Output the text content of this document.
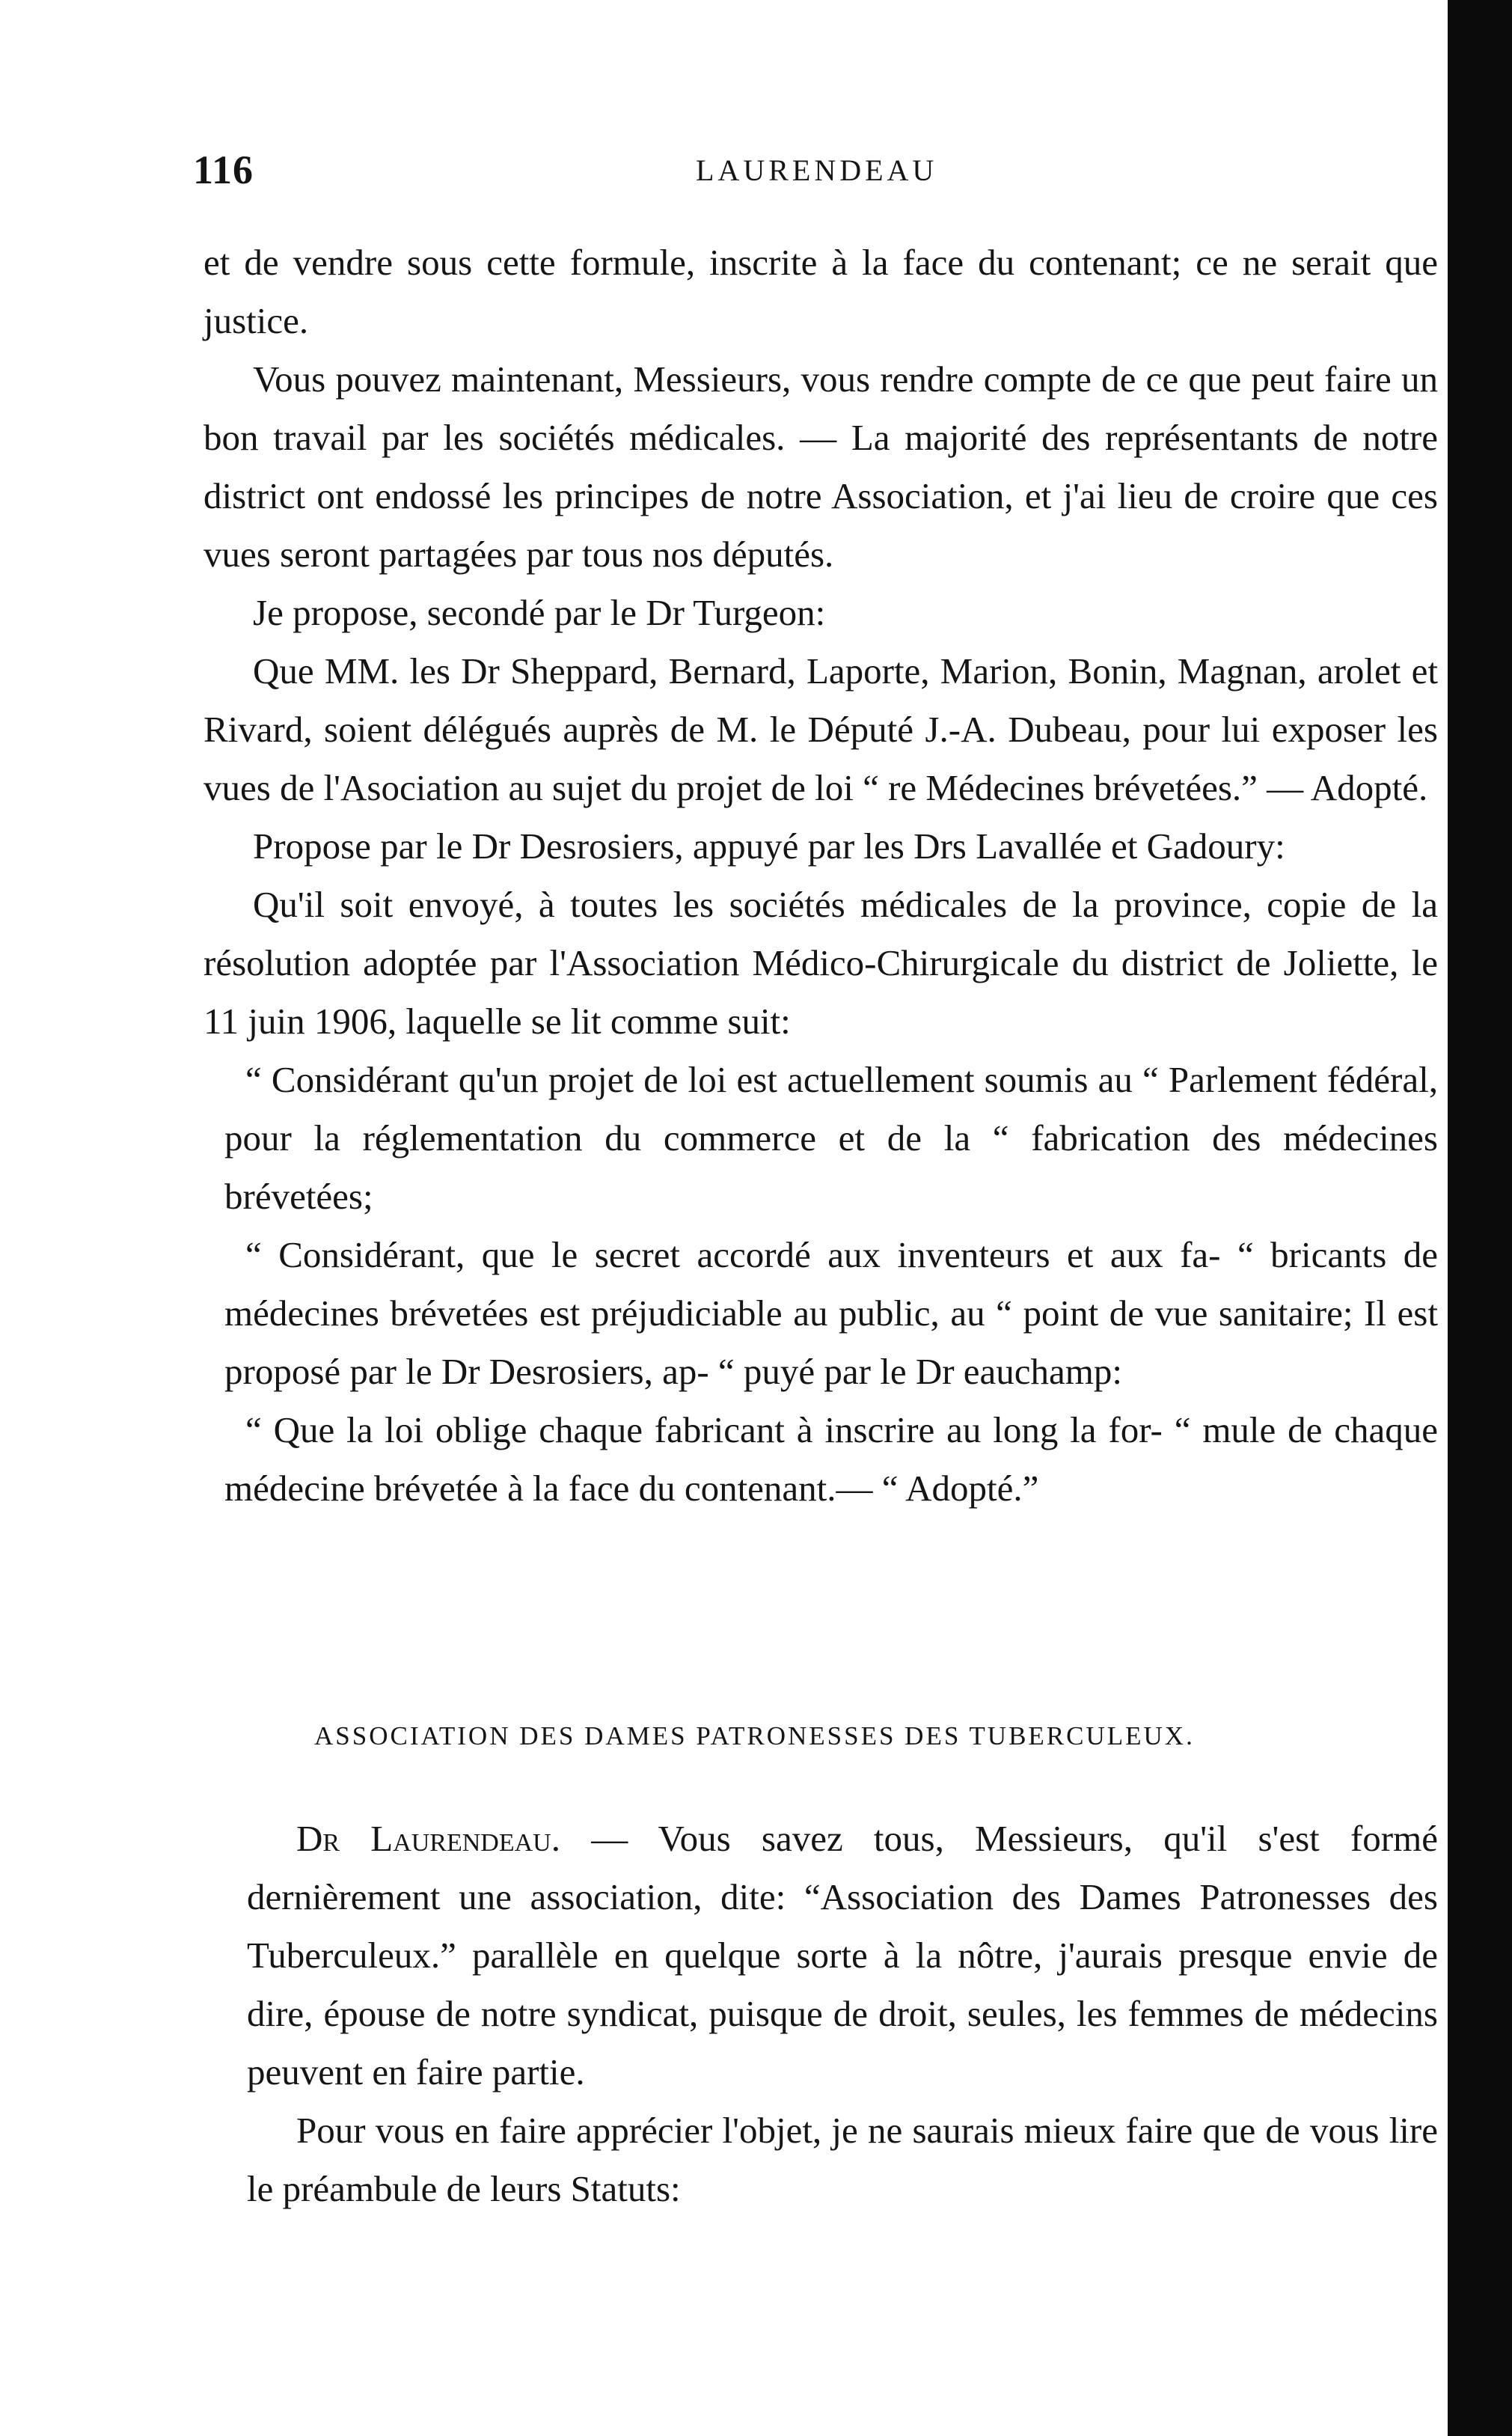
116	LAURENDEAU

et de vendre sous cette formule, inscrite à la face du contenant; ce ne serait que justice.

Vous pouvez maintenant, Messieurs, vous rendre compte de ce que peut faire un bon travail par les sociétés médicales. — La majorité des représentants de notre district ont endossé les principes de notre Association, et j'ai lieu de croire que ces vues seront partagées par tous nos députés.

Je propose, secondé par le Dr Turgeon:

Que MM. les Dr Sheppard, Bernard, Laporte, Marion, Bonin, Magnan, arolet et Rivard, soient délégués auprès de M. le Député J.-A. Dubeau, pour lui exposer les vues de l'Asociation au sujet du projet de loi “ re Médecines brévetées.” — Adopté.

Propose par le Dr Desrosiers, appuyé par les Drs Lavallée et Gadoury:

Qu'il soit envoyé, à toutes les sociétés médicales de la province, copie de la résolution adoptée par l'Association Médico-Chirurgicale du district de Joliette, le 11 juin 1906, laquelle se lit comme suit:

“ Considérant qu'un projet de loi est actuellement soumis au “ Parlement fédéral, pour la réglementation du commerce et de la “ fabrication des médecines brévetées;

“ Considérant, que le secret accordé aux inventeurs et aux fa- “ bricants de médecines brévetées est préjudiciable au public, au “ point de vue sanitaire; Il est proposé par le Dr Desrosiers, ap- “ puyé par le Dr eauchamp:

“ Que la loi oblige chaque fabricant à inscrire au long la for- “ mule de chaque médecine brévetée à la face du contenant.— “ Adopté.”

ASSOCIATION DES DAMES PATRONESSES DES TUBERCULEUX.

Dr Laurendeau. — Vous savez tous, Messieurs, qu'il s'est formé dernièrement une association, dite: “Association des Dames Patronesses des Tuberculeux.” parallèle en quelque sorte à la nôtre, j'aurais presque envie de dire, épouse de notre syndicat, puisque de droit, seules, les femmes de médecins peuvent en faire partie.

Pour vous en faire apprécier l'objet, je ne saurais mieux faire que de vous lire le préambule de leurs Statuts:
